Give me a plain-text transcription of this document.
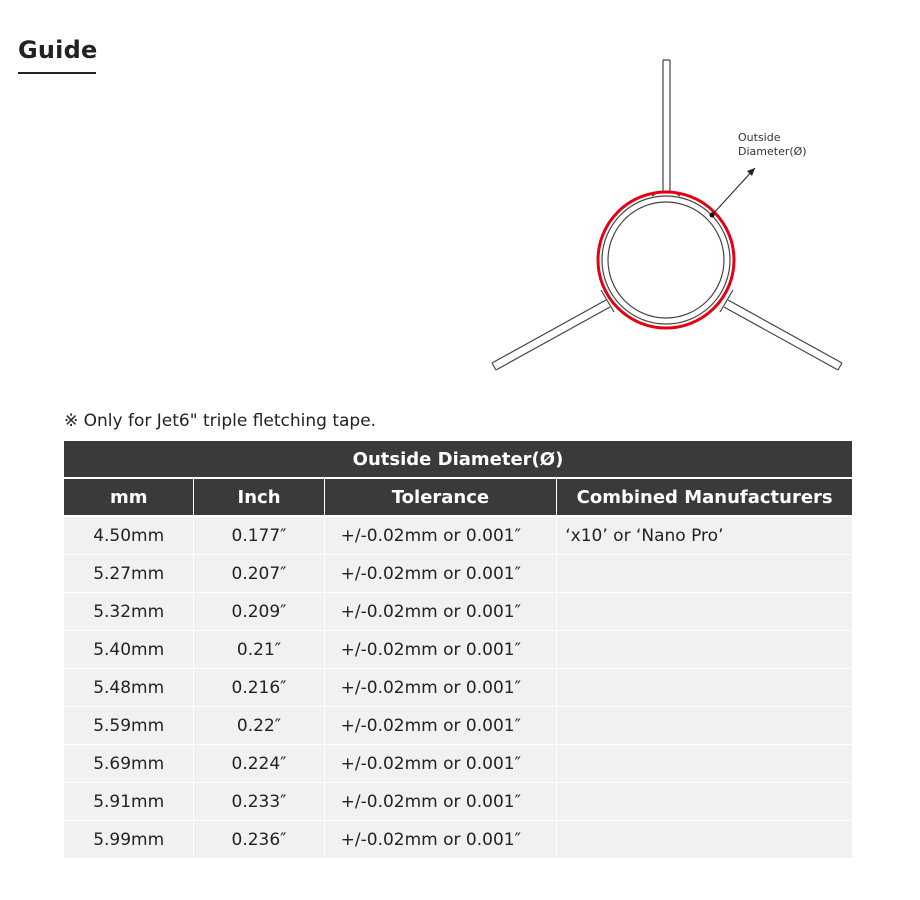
Guide
Outside
Diameter(Ø)
※ Only for Jet6" triple fletching tape.
Outside Diameter(Ø)			
mm	Inch	Tolerance	Combined Manufacturers
4.50mm	0.177″	+/-0.02mm or 0.001″	‘x10’ or ‘Nano Pro’
5.27mm	0.207″	+/-0.02mm or 0.001″	
5.32mm	0.209″	+/-0.02mm or 0.001″	
5.40mm	0.21″	+/-0.02mm or 0.001″	
5.48mm	0.216″	+/-0.02mm or 0.001″	
5.59mm	0.22″	+/-0.02mm or 0.001″	
5.69mm	0.224″	+/-0.02mm or 0.001″	
5.91mm	0.233″	+/-0.02mm or 0.001″	
5.99mm	0.236″	+/-0.02mm or 0.001″	
